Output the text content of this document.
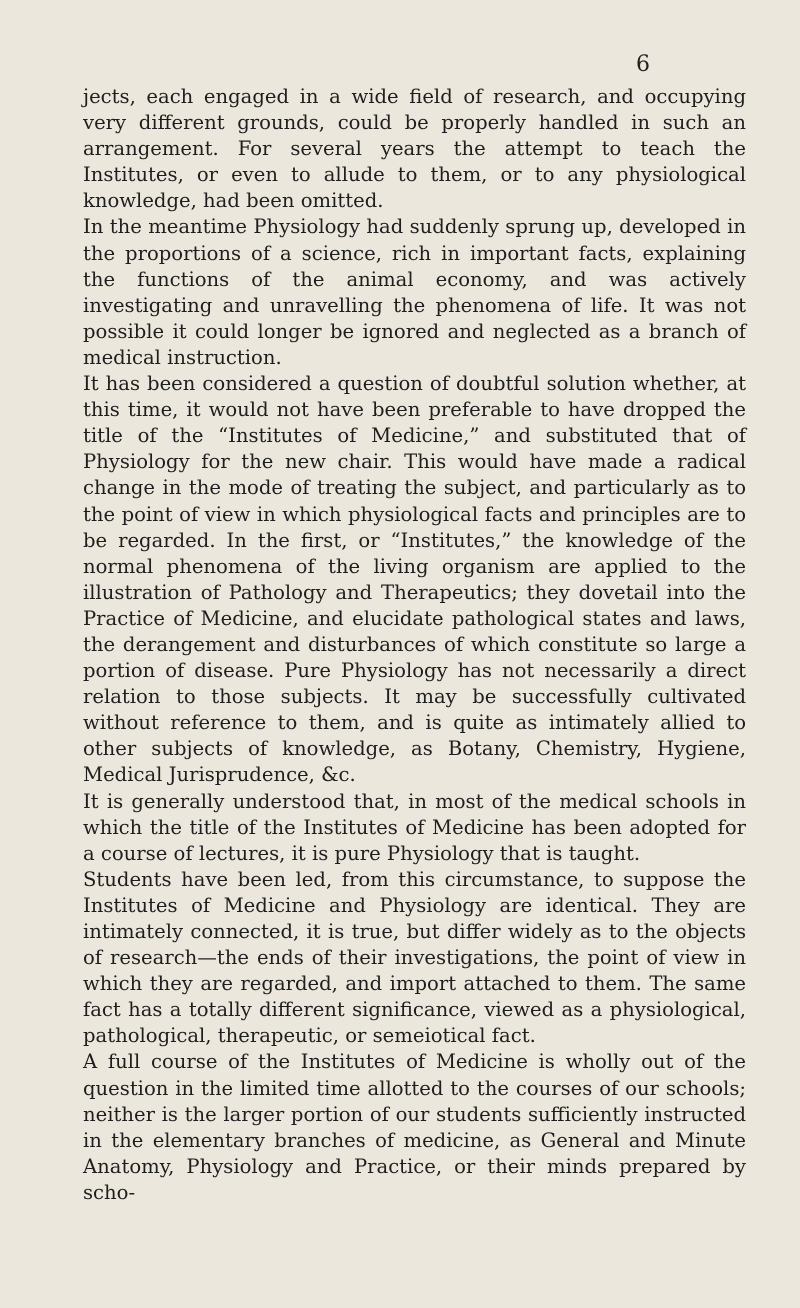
6

jects, each engaged in a wide field of research, and occupying very different grounds, could be properly handled in such an arrangement. For several years the attempt to teach the Institutes, or even to allude to them, or to any physiological knowledge, had been omitted.

In the meantime Physiology had suddenly sprung up, developed in the proportions of a science, rich in important facts, explaining the functions of the animal economy, and was actively investigating and unravelling the phenomena of life. It was not possible it could longer be ignored and neglected as a branch of medical instruction.

It has been considered a question of doubtful solution whether, at this time, it would not have been preferable to have dropped the title of the “Institutes of Medicine,” and substituted that of Physiology for the new chair. This would have made a radical change in the mode of treating the subject, and particularly as to the point of view in which physiological facts and principles are to be regarded. In the first, or “Institutes,” the knowledge of the normal phenomena of the living organism are applied to the illustration of Pathology and Therapeutics; they dovetail into the Practice of Medicine, and elucidate pathological states and laws, the derangement and disturbances of which constitute so large a portion of disease. Pure Physiology has not necessarily a direct relation to those subjects. It may be successfully cultivated without reference to them, and is quite as intimately allied to other subjects of knowledge, as Botany, Chemistry, Hygiene, Medical Jurisprudence, &c.

It is generally understood that, in most of the medical schools in which the title of the Institutes of Medicine has been adopted for a course of lectures, it is pure Physiology that is taught.

Students have been led, from this circumstance, to suppose the Institutes of Medicine and Physiology are identical. They are intimately connected, it is true, but differ widely as to the objects of research—the ends of their investigations, the point of view in which they are regarded, and import attached to them. The same fact has a totally different significance, viewed as a physiological, pathological, therapeutic, or semeiotical fact.

A full course of the Institutes of Medicine is wholly out of the question in the limited time allotted to the courses of our schools; neither is the larger portion of our students sufficiently instructed in the elementary branches of medicine, as General and Minute Anatomy, Physiology and Practice, or their minds prepared by scho-
